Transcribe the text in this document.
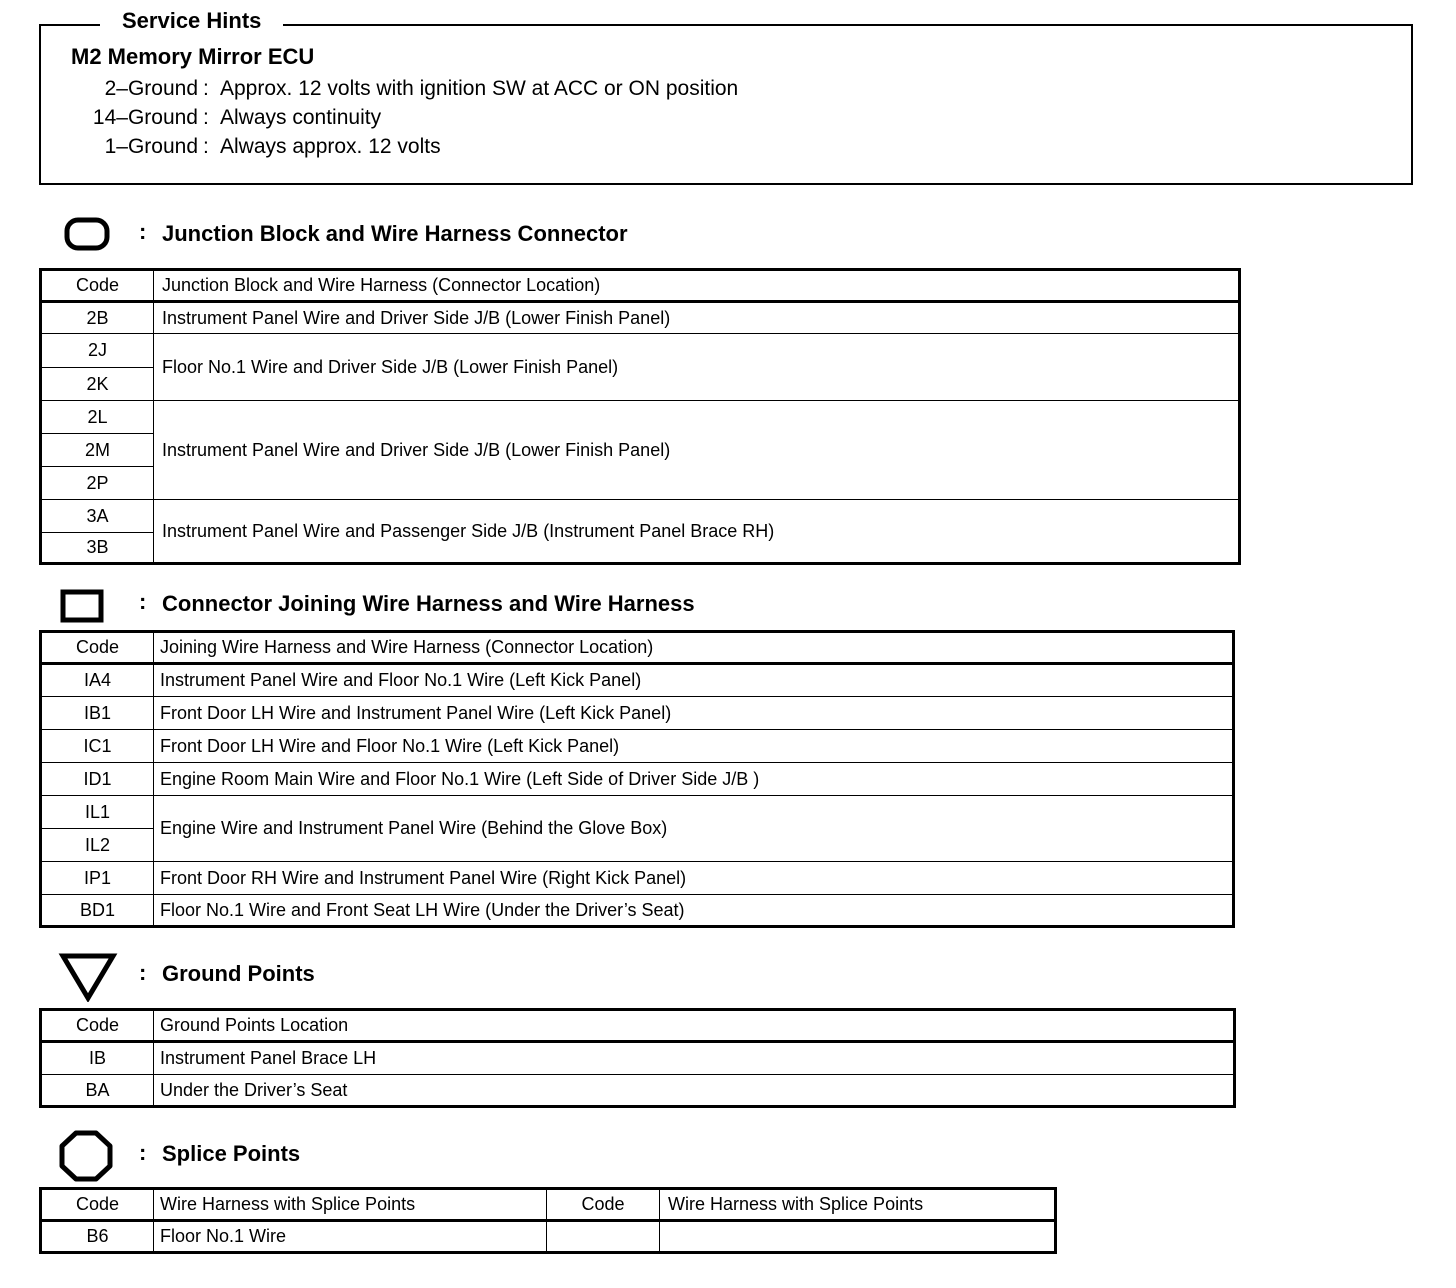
Service Hints
M2 Memory Mirror ECU
2–Ground : Approx. 12 volts with ignition SW at ACC or ON position
14–Ground : Always continuity
1–Ground : Always approx. 12 volts
: Junction Block and Wire Harness Connector
Code	Junction Block and Wire Harness (Connector Location)
2B	Instrument Panel Wire and Driver Side J/B (Lower Finish Panel)
2J	Floor No.1 Wire and Driver Side J/B (Lower Finish Panel)
2K	
2L	Instrument Panel Wire and Driver Side J/B (Lower Finish Panel)
2M	
2P	
3A	Instrument Panel Wire and Passenger Side J/B (Instrument Panel Brace RH)
3B	
: Connector Joining Wire Harness and Wire Harness
Code	Joining Wire Harness and Wire Harness (Connector Location)
IA4	Instrument Panel Wire and Floor No.1 Wire (Left Kick Panel)
IB1	Front Door LH Wire and Instrument Panel Wire (Left Kick Panel)
IC1	Front Door LH Wire and Floor No.1 Wire (Left Kick Panel)
ID1	Engine Room Main Wire and Floor No.1 Wire (Left Side of Driver Side J/B )
IL1	Engine Wire and Instrument Panel Wire (Behind the Glove Box)
IL2	
IP1	Front Door RH Wire and Instrument Panel Wire (Right Kick Panel)
BD1	Floor No.1 Wire and Front Seat LH Wire (Under the Driver’s Seat)
: Ground Points
Code	Ground Points Location
IB	Instrument Panel Brace LH
BA	Under the Driver’s Seat
: Splice Points
Code	Wire Harness with Splice Points	Code	Wire Harness with Splice Points
B6	Floor No.1 Wire		
